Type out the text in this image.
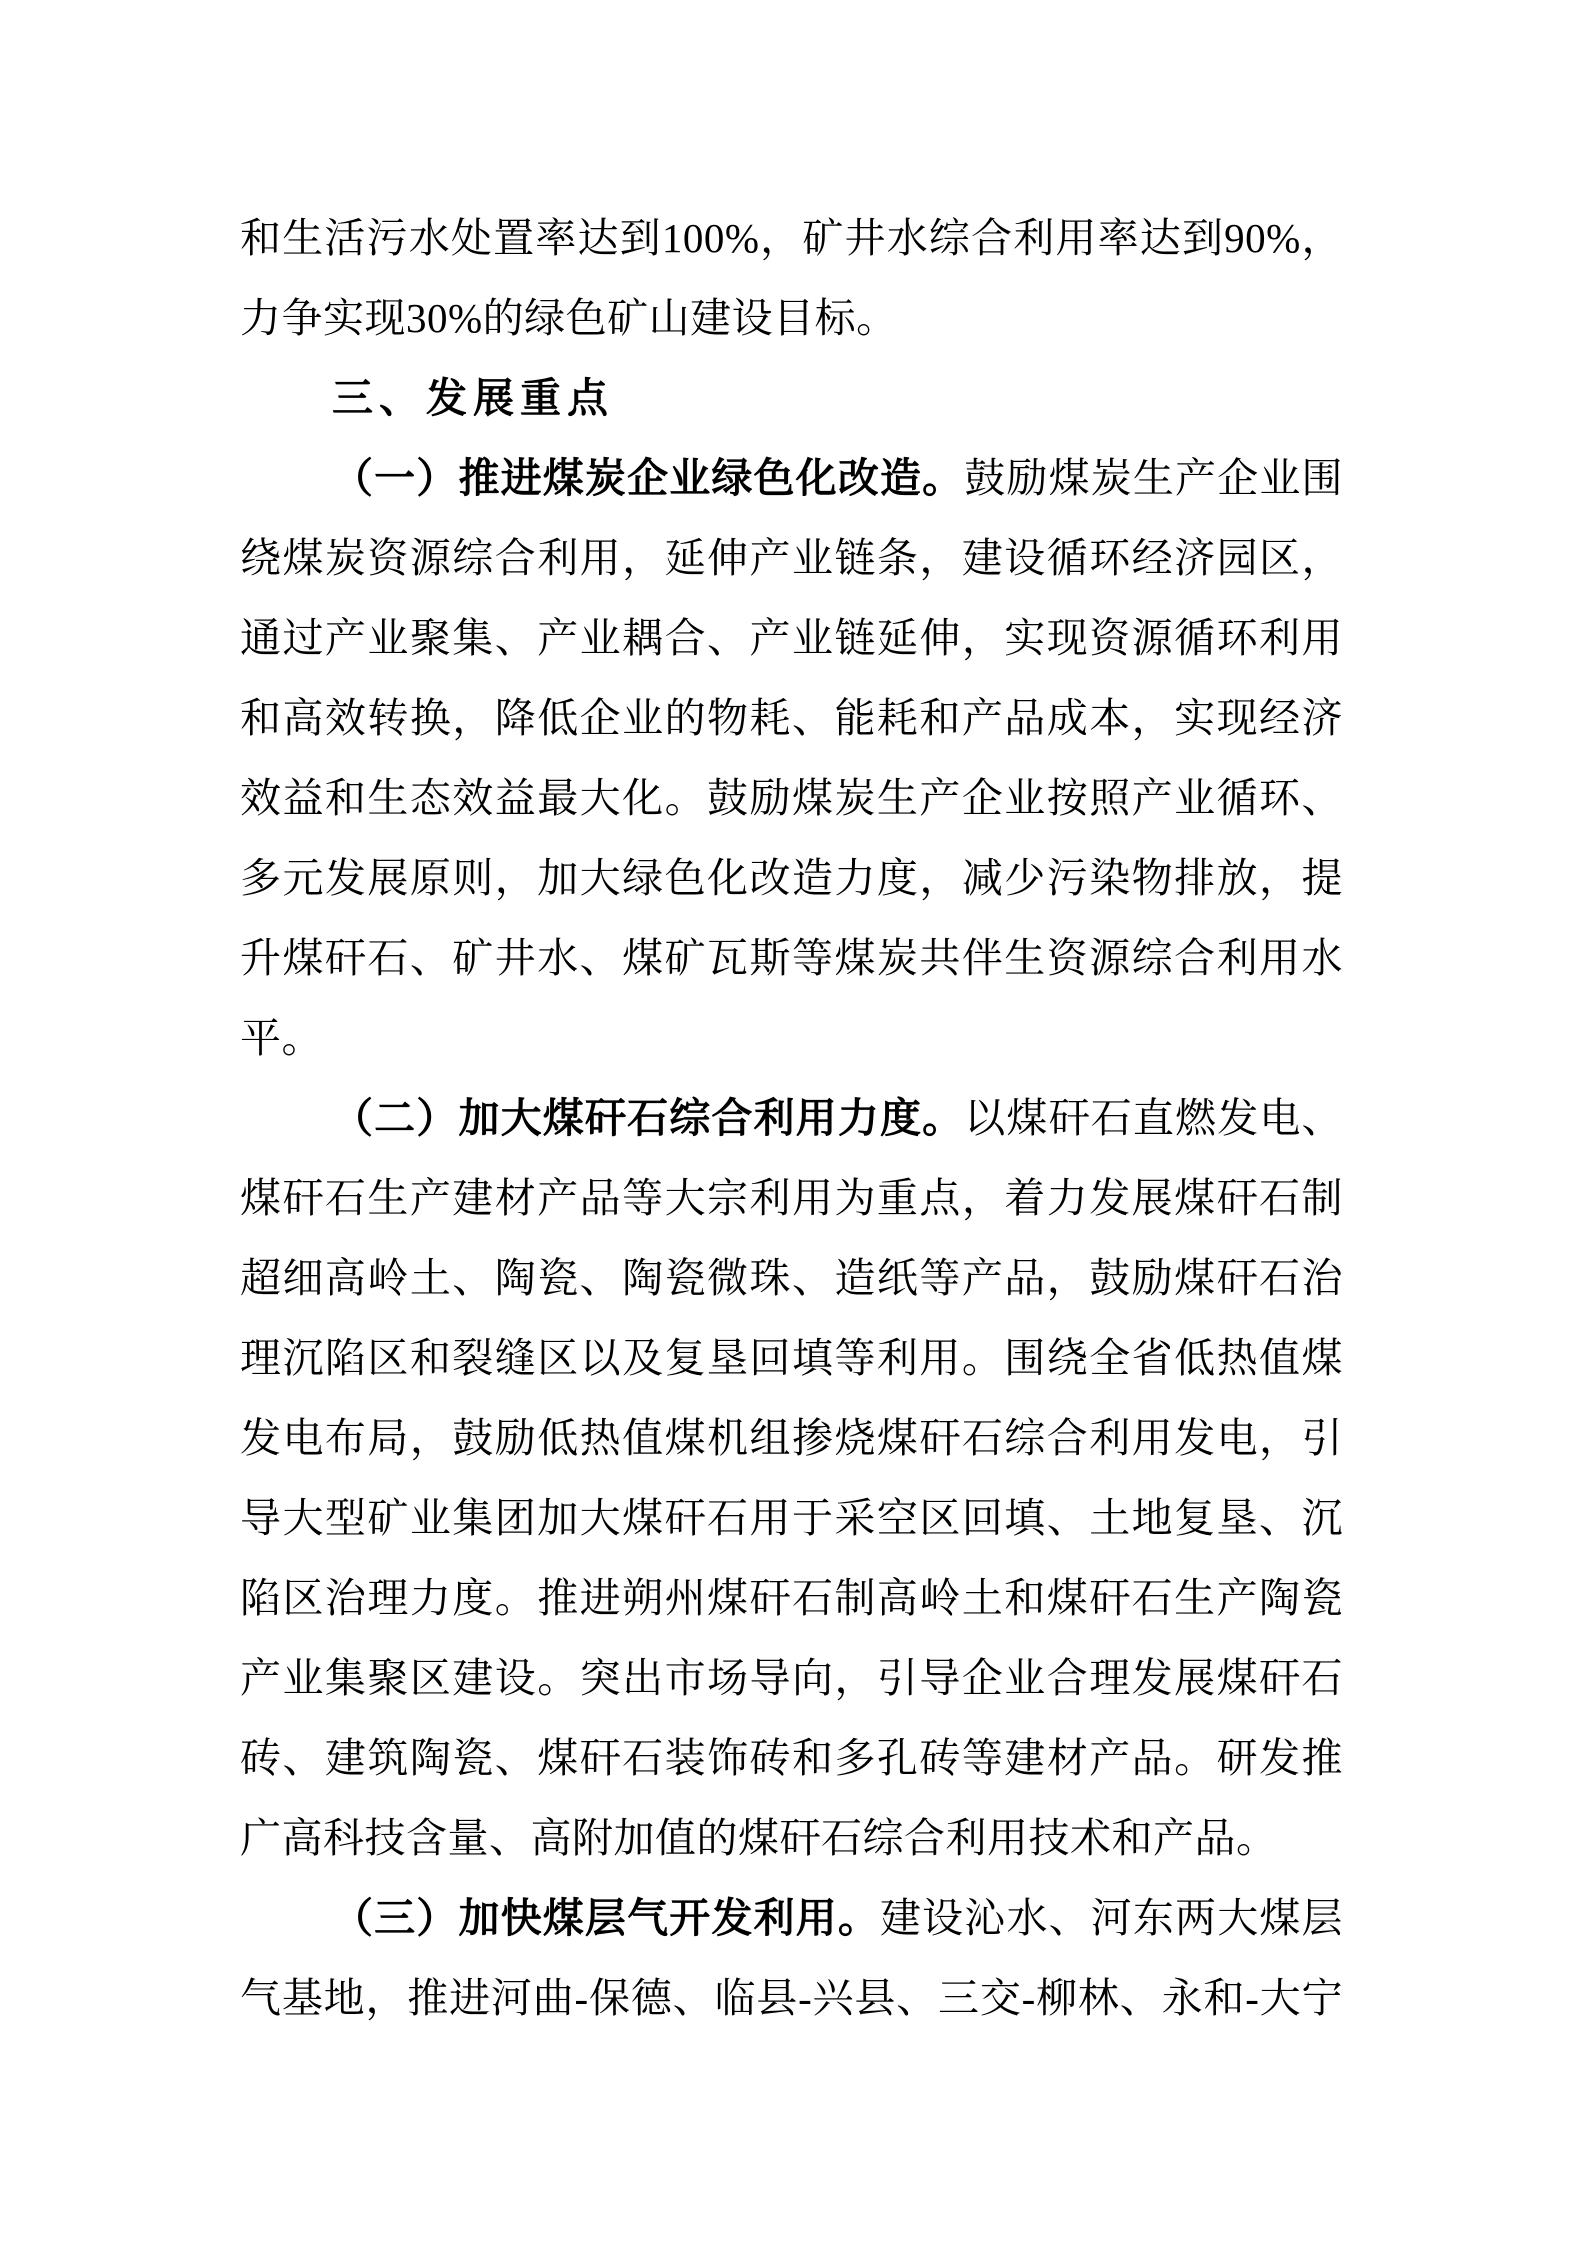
和生活污水处置率达到100%，矿井水综合利用率达到90%，
力争实现30%的绿色矿山建设目标。
三、发展重点
（一）推进煤炭企业绿色化改造。鼓励煤炭生产企业围
绕煤炭资源综合利用，延伸产业链条，建设循环经济园区，
通过产业聚集、产业耦合、产业链延伸，实现资源循环利用
和高效转换，降低企业的物耗、能耗和产品成本，实现经济
效益和生态效益最大化。鼓励煤炭生产企业按照产业循环、
多元发展原则，加大绿色化改造力度，减少污染物排放，提
升煤矸石、矿井水、煤矿瓦斯等煤炭共伴生资源综合利用水
平。
（二）加大煤矸石综合利用力度。以煤矸石直燃发电、
煤矸石生产建材产品等大宗利用为重点，着力发展煤矸石制
超细高岭土、陶瓷、陶瓷微珠、造纸等产品，鼓励煤矸石治
理沉陷区和裂缝区以及复垦回填等利用。围绕全省低热值煤
发电布局，鼓励低热值煤机组掺烧煤矸石综合利用发电，引
导大型矿业集团加大煤矸石用于采空区回填、土地复垦、沉
陷区治理力度。推进朔州煤矸石制高岭土和煤矸石生产陶瓷
产业集聚区建设。突出市场导向，引导企业合理发展煤矸石
砖、建筑陶瓷、煤矸石装饰砖和多孔砖等建材产品。研发推
广高科技含量、高附加值的煤矸石综合利用技术和产品。
（三）加快煤层气开发利用。建设沁水、河东两大煤层
气基地，推进河曲-保德、临县-兴县、三交-柳林、永和-大宁
